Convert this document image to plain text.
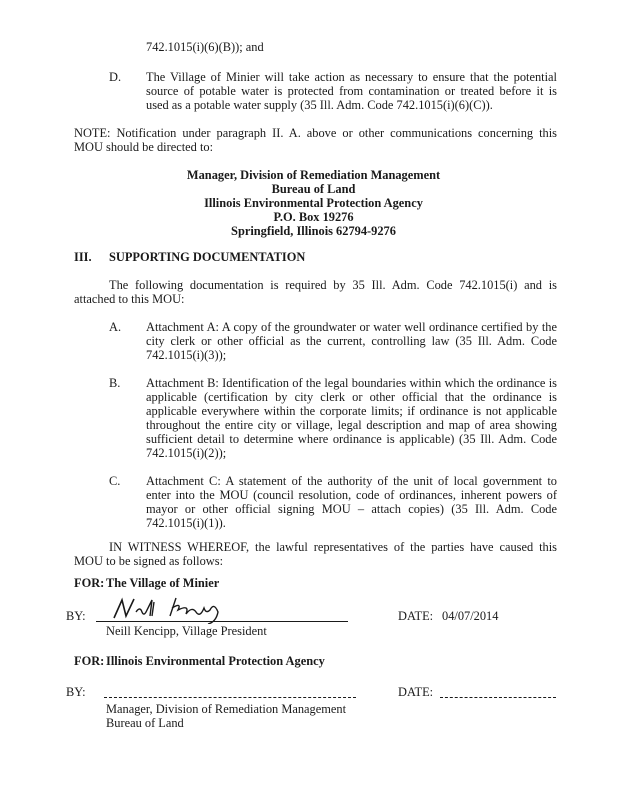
742.1015(i)(6)(B)); and
D. The Village of Minier will take action as necessary to ensure that the potential
source of potable water is protected from contamination or treated before it is
used as a potable water supply (35 Ill. Adm. Code 742.1015(i)(6)(C)).
NOTE: Notification under paragraph II. A. above or other communications concerning this
MOU should be directed to:
Manager, Division of Remediation Management
Bureau of Land
Illinois Environmental Protection Agency
P.O. Box 19276
Springfield, Illinois 62794-9276
III. SUPPORTING DOCUMENTATION
The following documentation is required by 35 Ill. Adm. Code 742.1015(i) and is
attached to this MOU:
A. Attachment A: A copy of the groundwater or water well ordinance certified by the
city clerk or other official as the current, controlling law (35 Ill. Adm. Code
742.1015(i)(3));
B. Attachment B: Identification of the legal boundaries within which the ordinance is
applicable (certification by city clerk or other official that the ordinance is
applicable everywhere within the corporate limits; if ordinance is not applicable
throughout the entire city or village, legal description and map of area showing
sufficient detail to determine where ordinance is applicable) (35 Ill. Adm. Code
742.1015(i)(2));
C. Attachment C: A statement of the authority of the unit of local government to
enter into the MOU (council resolution, code of ordinances, inherent powers of
mayor or other official signing MOU – attach copies) (35 Ill. Adm. Code
742.1015(i)(1)).
IN WITNESS WHEREOF, the lawful representatives of the parties have caused this
MOU to be signed as follows:
FOR: The Village of Minier
BY:
Neill Kencipp, Village President
DATE: 04/07/2014
FOR: Illinois Environmental Protection Agency
BY:	DATE:
Manager, Division of Remediation Management
Bureau of Land
